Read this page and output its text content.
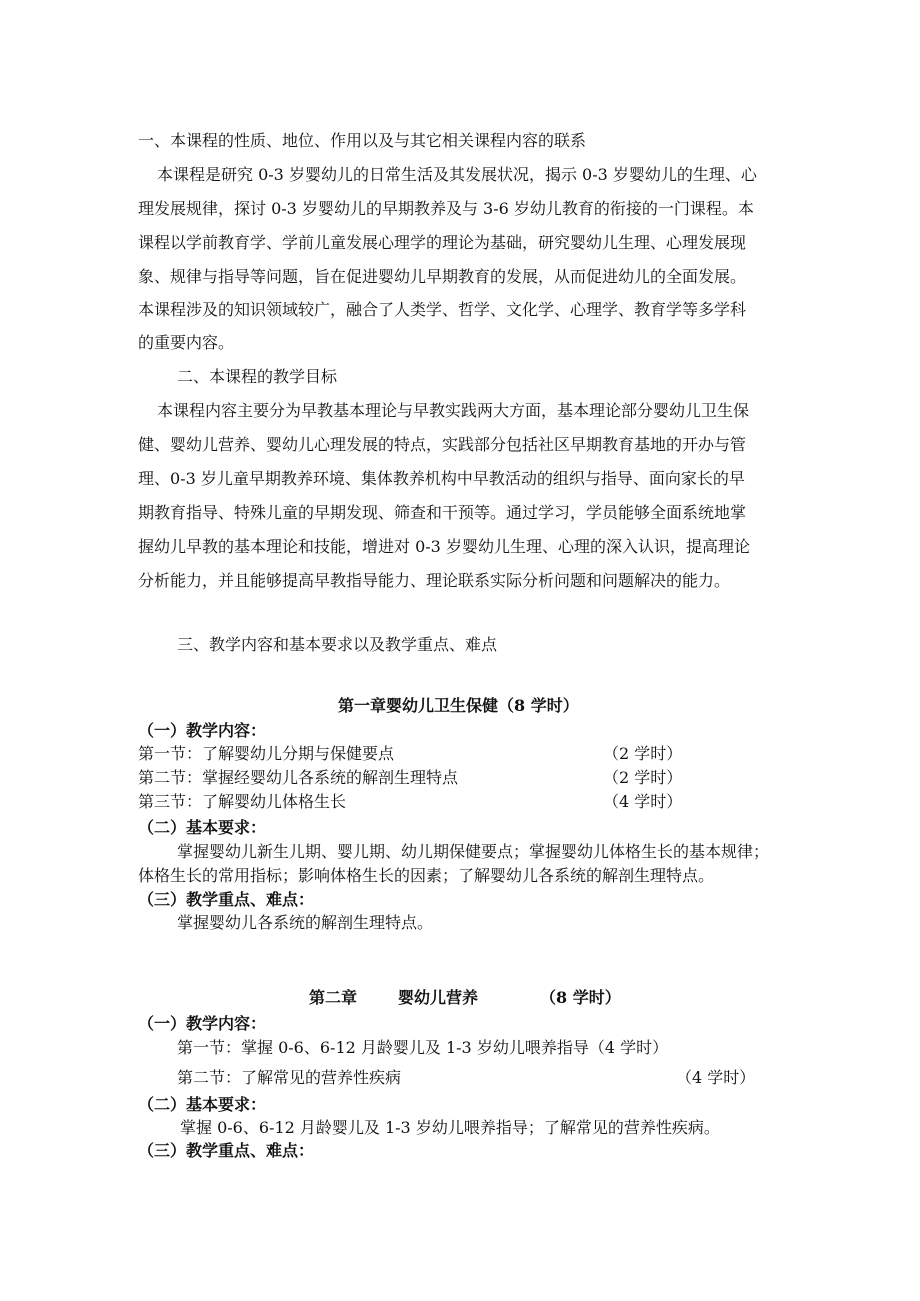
一、本课程的性质、地位、作用以及与其它相关课程内容的联系
本课程是研究 0-3 岁婴幼儿的日常生活及其发展状况，揭示 0-3 岁婴幼儿的生理、心
理发展规律，探讨 0-3 岁婴幼儿的早期教养及与 3-6 岁幼儿教育的衔接的一门课程。本
课程以学前教育学、学前儿童发展心理学的理论为基础，研究婴幼儿生理、心理发展现
象、规律与指导等问题，旨在促进婴幼儿早期教育的发展，从而促进幼儿的全面发展。
本课程涉及的知识领域较广，融合了人类学、哲学、文化学、心理学、教育学等多学科
的重要内容。
二、本课程的教学目标
本课程内容主要分为早教基本理论与早教实践两大方面，基本理论部分婴幼儿卫生保
健、婴幼儿营养、婴幼儿心理发展的特点，实践部分包括社区早期教育基地的开办与管
理、0-3 岁儿童早期教养环境、集体教养机构中早教活动的组织与指导、面向家长的早
期教育指导、特殊儿童的早期发现、筛查和干预等。通过学习，学员能够全面系统地掌
握幼儿早教的基本理论和技能，增进对 0-3 岁婴幼儿生理、心理的深入认识，提高理论
分析能力，并且能够提高早教指导能力、理论联系实际分析问题和问题解决的能力。
三、教学内容和基本要求以及教学重点、难点
第一章婴幼儿卫生保健（8 学时）
（一）教学内容：
第一节：了解婴幼儿分期与保健要点	（2 学时）
第二节：掌握经婴幼儿各系统的解剖生理特点	（2 学时）
第三节：了解婴幼儿体格生长	（4 学时）
（二）基本要求：
掌握婴幼儿新生儿期、婴儿期、幼儿期保健要点；掌握婴幼儿体格生长的基本规律；
体格生长的常用指标；影响体格生长的因素；了解婴幼儿各系统的解剖生理特点。
（三）教学重点、难点：
掌握婴幼儿各系统的解剖生理特点。
第二章	婴幼儿营养	（8 学时）
（一）教学内容：
第一节：掌握 0-6、6-12 月龄婴儿及 1-3 岁幼儿喂养指导（4 学时）
第二节：了解常见的营养性疾病	（4 学时）
（二）基本要求：
掌握 0-6、6-12 月龄婴儿及 1-3 岁幼儿喂养指导；了解常见的营养性疾病。
（三）教学重点、难点：
